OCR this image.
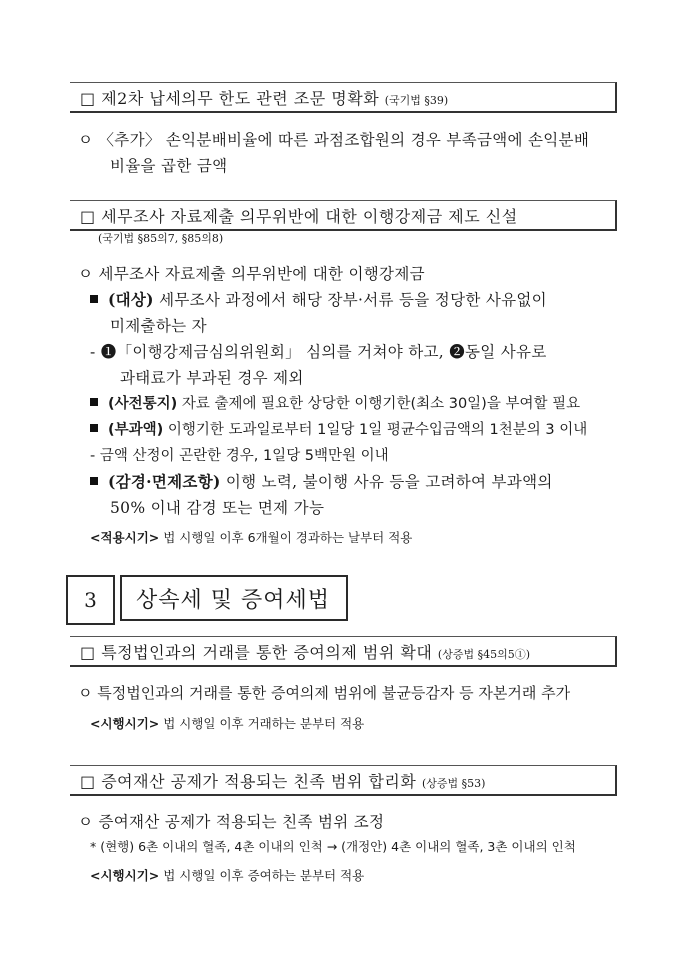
□ 제2차 납세의무 한도 관련 조문 명확화 (국기법 §39)
ㅇ 〈추가〉 손익분배비율에 따른 과점조합원의 경우 부족금액에 손익분배
비율을 곱한 금액
□ 세무조사 자료제출 의무위반에 대한 이행강제금 제도 신설
(국기법 §85의7, §85의8)
ㅇ 세무조사 자료제출 의무위반에 대한 이행강제금
(대상) 세무조사 과정에서 해당 장부·서류 등을 정당한 사유없이
미제출하는 자
- ❶「이행강제금심의위원회」 심의를 거쳐야 하고, ❷동일 사유로
과태료가 부과된 경우 제외
(사전통지) 자료 출제에 필요한 상당한 이행기한(최소 30일)을 부여할 필요
(부과액) 이행기한 도과일로부터 1일당 1일 평균수입금액의 1천분의 3 이내
- 금액 산정이 곤란한 경우, 1일당 5백만원 이내
(감경·면제조항) 이행 노력, 불이행 사유 등을 고려하여 부과액의
50% 이내 감경 또는 면제 가능
<적용시기> 법 시행일 이후 6개월이 경과하는 날부터 적용
3	상속세 및 증여세법
□ 특정법인과의 거래를 통한 증여의제 범위 확대 (상증법 §45의5①)
ㅇ 특정법인과의 거래를 통한 증여의제 범위에 불균등감자 등 자본거래 추가
<시행시기> 법 시행일 이후 거래하는 분부터 적용
□ 증여재산 공제가 적용되는 친족 범위 합리화 (상증법 §53)
ㅇ 증여재산 공제가 적용되는 친족 범위 조정
* (현행) 6촌 이내의 혈족, 4촌 이내의 인척 → (개정안) 4촌 이내의 혈족, 3촌 이내의 인척
<시행시기> 법 시행일 이후 증여하는 분부터 적용
